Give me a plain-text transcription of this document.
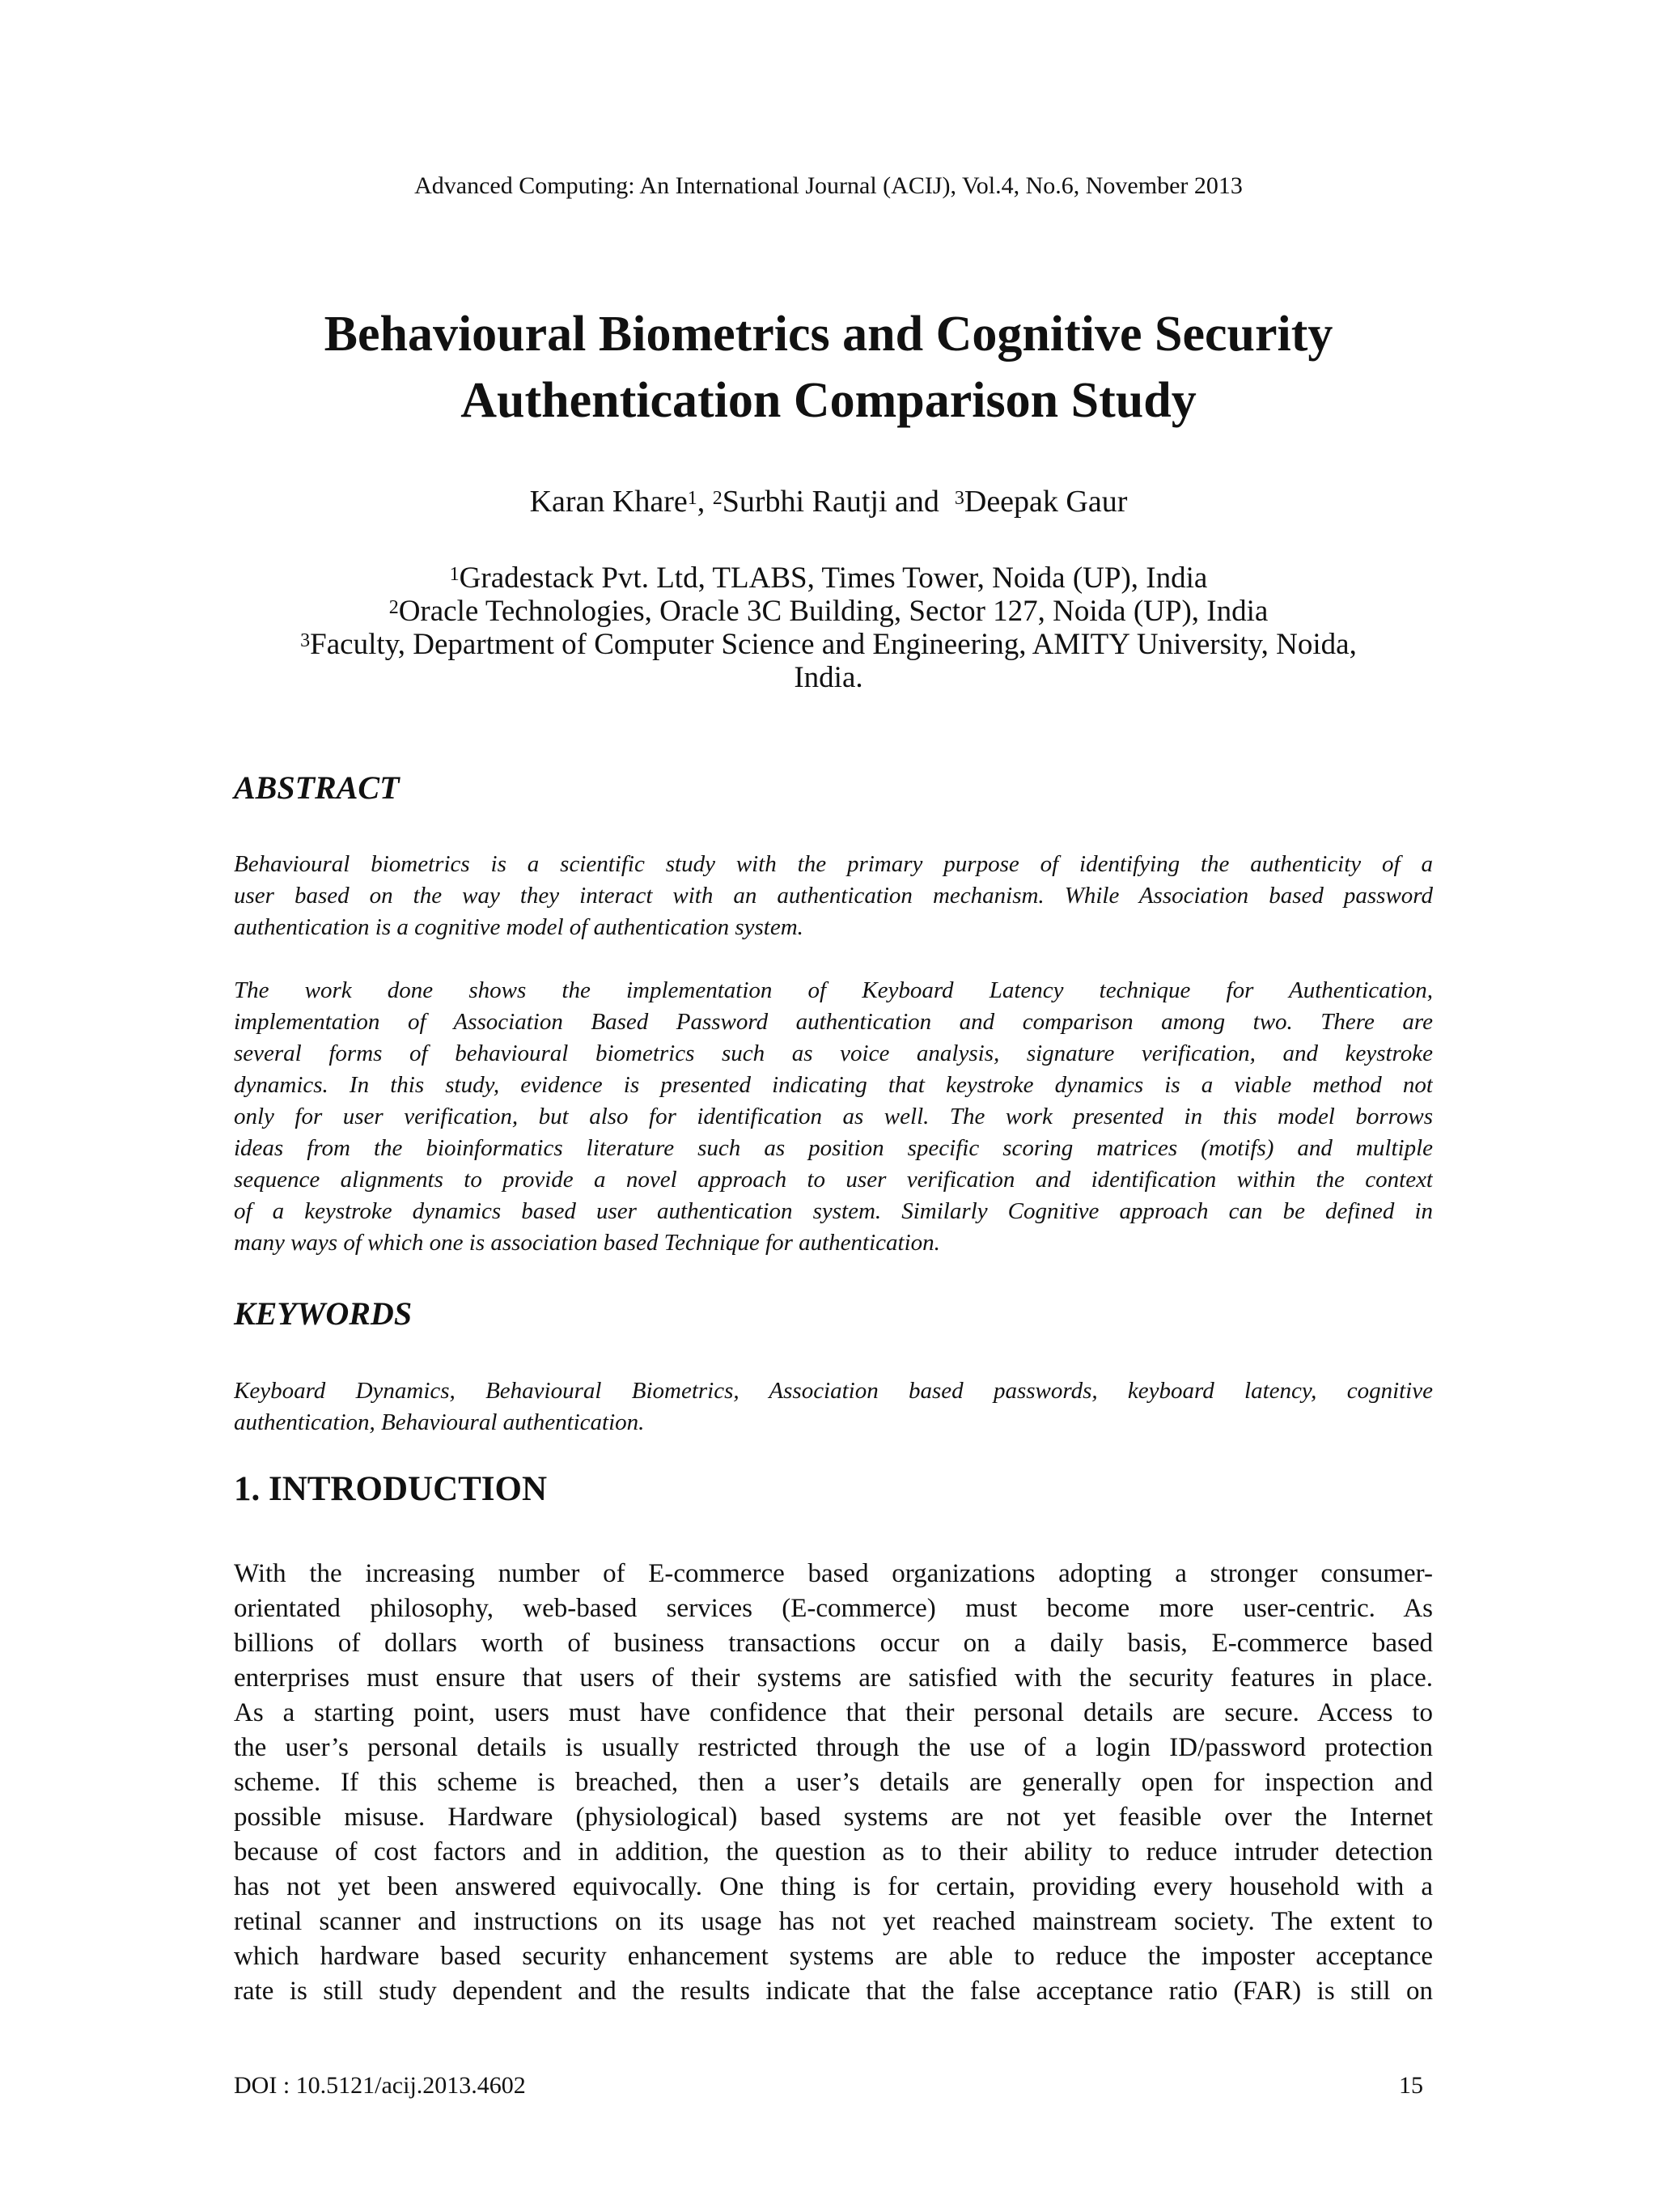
Advanced Computing: An International Journal (ACIJ), Vol.4, No.6, November 2013
Behavioural Biometrics and Cognitive Security
Authentication Comparison Study
Karan Khare$^1$, $^2$Surbhi Rautji and  $^3$Deepak Gaur
$^1$Gradestack Pvt. Ltd, TLABS, Times Tower, Noida (UP), India
$^2$Oracle Technologies, Oracle 3C Building, Sector 127, Noida (UP), India
$^3$Faculty, Department of Computer Science and Engineering, AMITY University, Noida,
India.
ABSTRACT
Behavioural biometrics is a scientific study with the primary purpose of identifying the authenticity of a
user based on the way they interact with an authentication mechanism. While Association based password
authentication is a cognitive model of authentication system.
The work done shows the implementation of Keyboard Latency technique for Authentication,
implementation of Association Based Password authentication and comparison among two. There are
several forms of behavioural biometrics such as voice analysis, signature verification, and keystroke
dynamics. In this study, evidence is presented indicating that keystroke dynamics is a viable method not
only for user verification, but also for identification as well. The work presented in this model borrows
ideas from the bioinformatics literature such as position specific scoring matrices (motifs) and multiple
sequence alignments to provide a novel approach to user verification and identification within the context
of a keystroke dynamics based user authentication system. Similarly Cognitive approach can be defined in
many ways of which one is association based Technique for authentication.
KEYWORDS
Keyboard Dynamics, Behavioural Biometrics, Association based passwords, keyboard latency, cognitive
authentication, Behavioural authentication.
1. INTRODUCTION
With the increasing number of E-commerce based organizations adopting a stronger consumer-
orientated philosophy, web-based services (E-commerce) must become more user-centric. As
billions of dollars worth of business transactions occur on a daily basis, E-commerce based
enterprises must ensure that users of their systems are satisfied with the security features in place.
As a starting point, users must have confidence that their personal details are secure. Access to
the user’s personal details is usually restricted through the use of a login ID/password protection
scheme. If this scheme is breached, then a user’s details are generally open for inspection and
possible misuse. Hardware (physiological) based systems are not yet feasible over the Internet
because of cost factors and in addition, the question as to their ability to reduce intruder detection
has not yet been answered equivocally. One thing is for certain, providing every household with a
retinal scanner and instructions on its usage has not yet reached mainstream society. The extent to
which hardware based security enhancement systems are able to reduce the imposter acceptance
rate is still study dependent and the results indicate that the false acceptance ratio (FAR) is still on
DOI : 10.5121/acij.2013.4602	15
